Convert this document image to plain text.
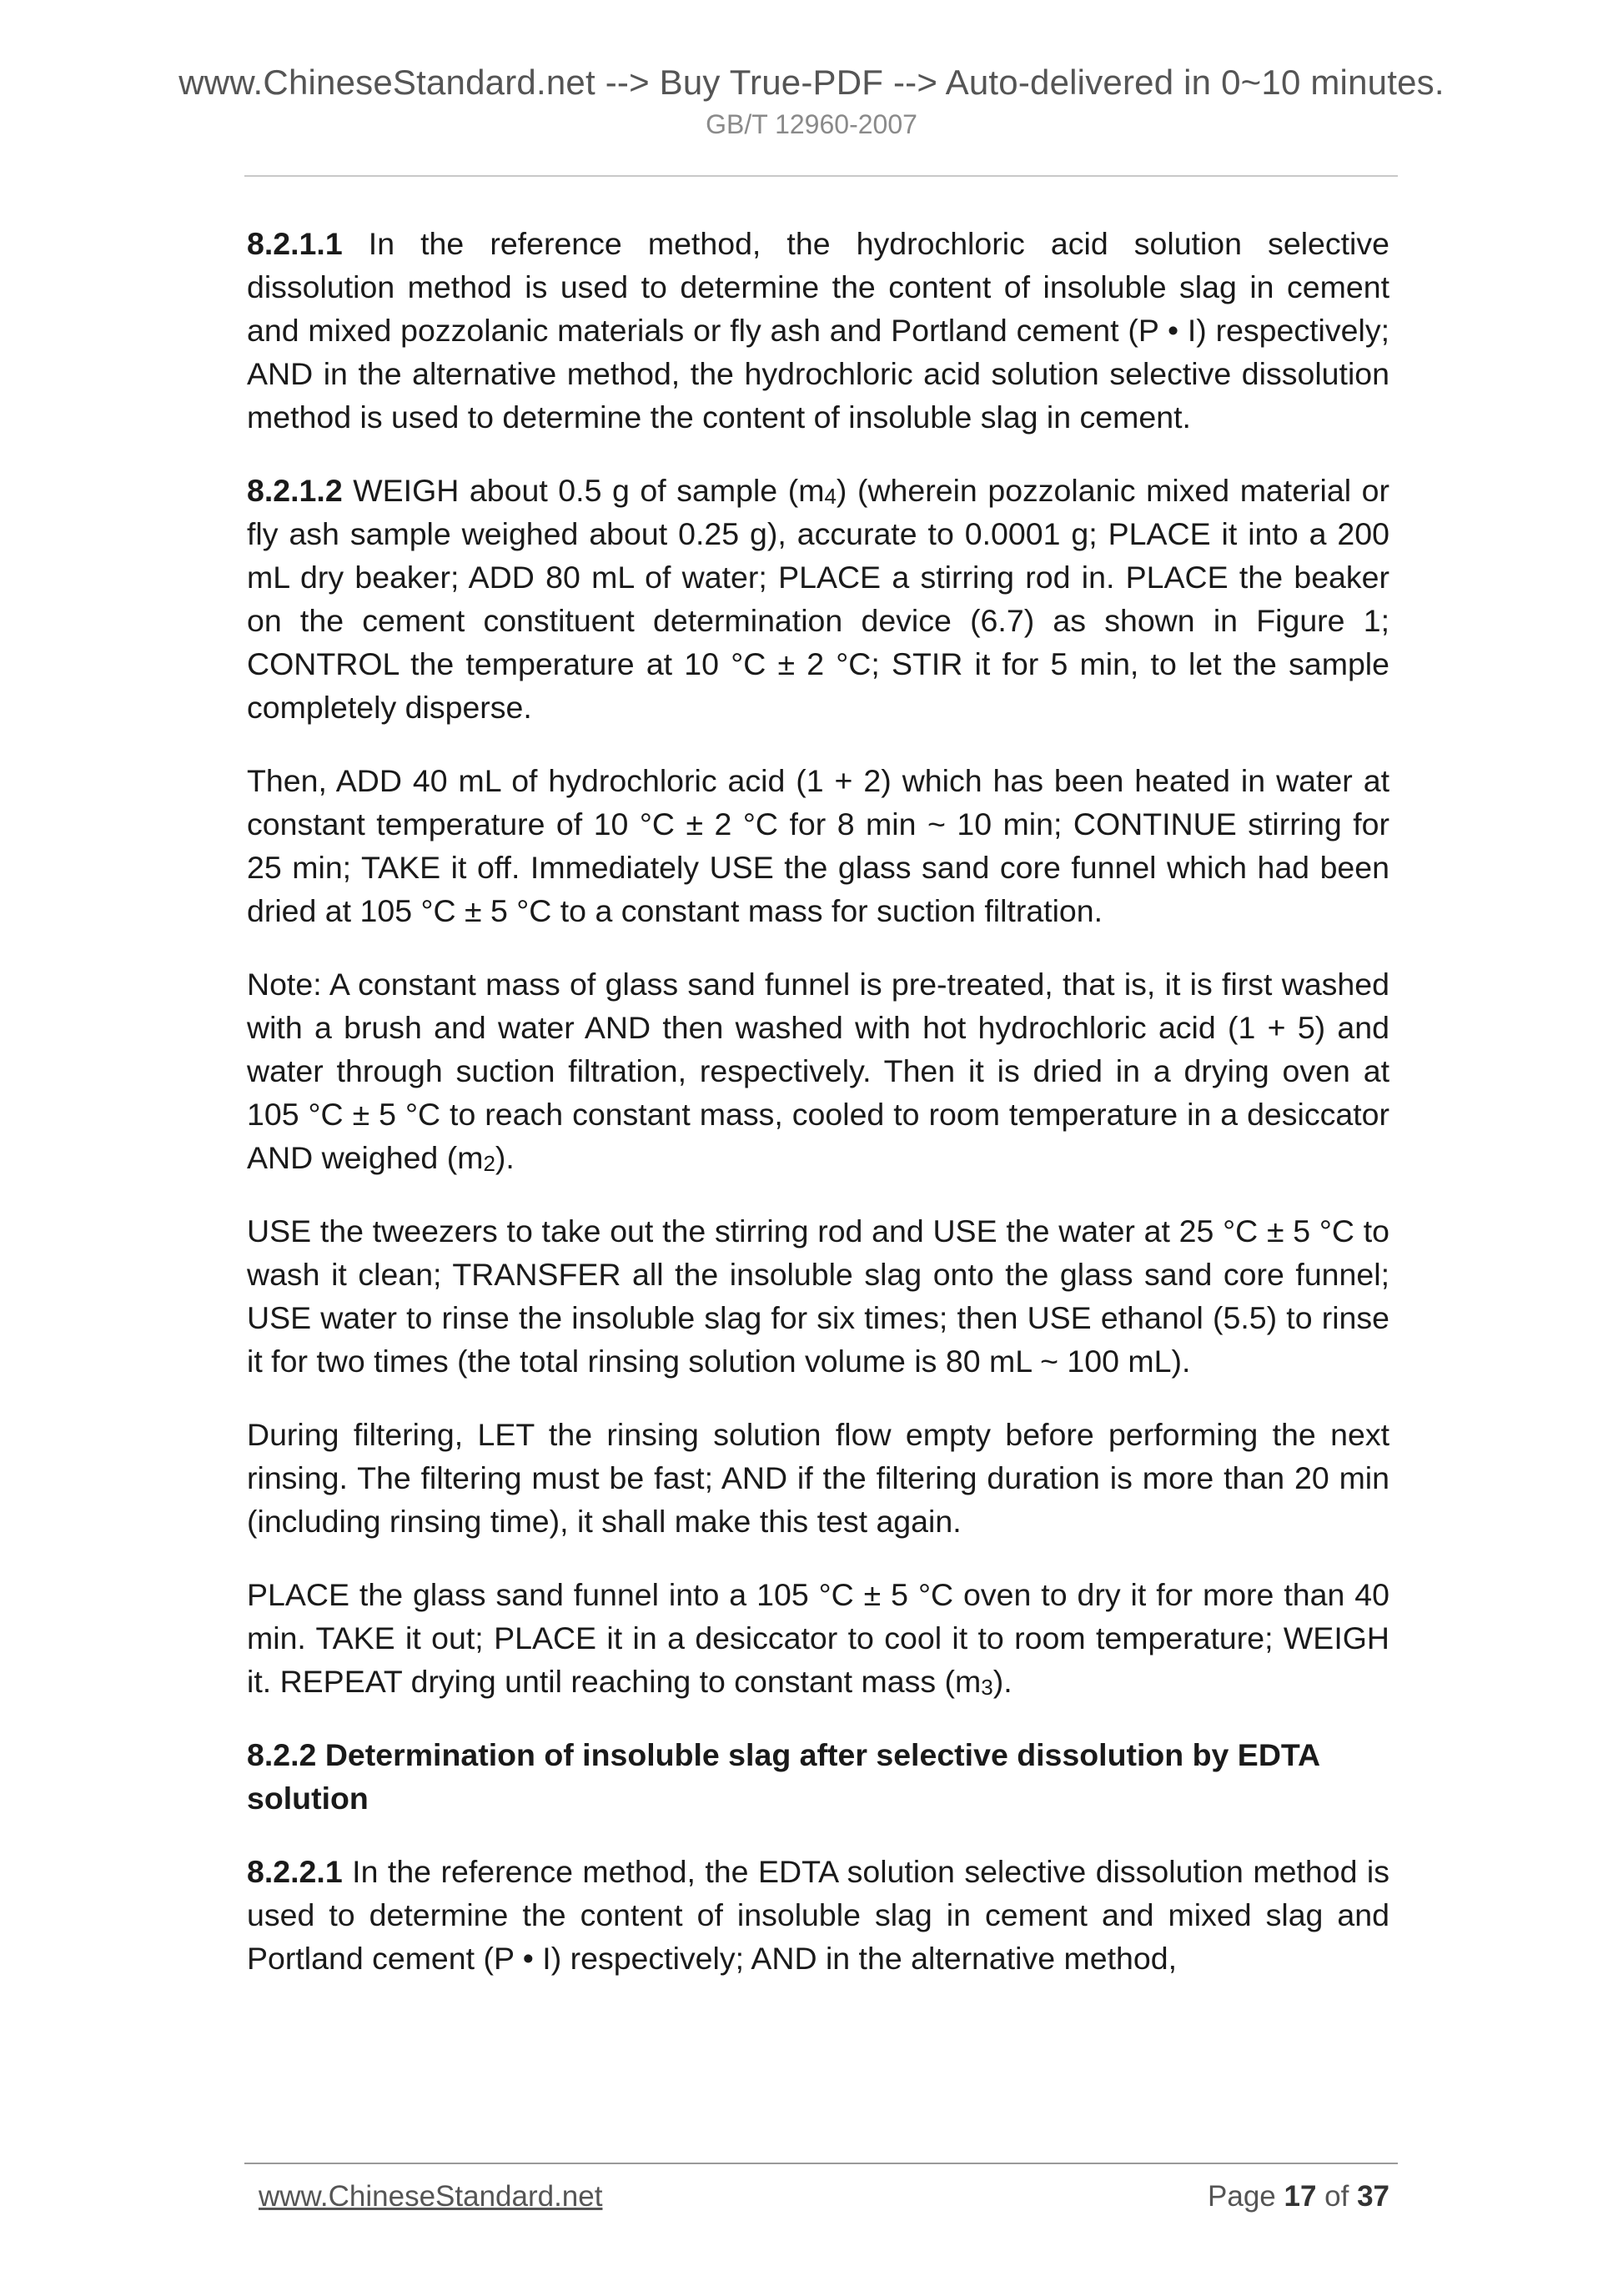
www.ChineseStandard.net --> Buy True-PDF --> Auto-delivered in 0~10 minutes.
GB/T 12960-2007

8.2.1.1 In the reference method, the hydrochloric acid solution selective dissolution method is used to determine the content of insoluble slag in cement and mixed pozzolanic materials or fly ash and Portland cement (P • I) respectively; AND in the alternative method, the hydrochloric acid solution selective dissolution method is used to determine the content of insoluble slag in cement.

8.2.1.2 WEIGH about 0.5 g of sample (m4) (wherein pozzolanic mixed material or fly ash sample weighed about 0.25 g), accurate to 0.0001 g; PLACE it into a 200 mL dry beaker; ADD 80 mL of water; PLACE a stirring rod in. PLACE the beaker on the cement constituent determination device (6.7) as shown in Figure 1; CONTROL the temperature at 10 °C ± 2 °C; STIR it for 5 min, to let the sample completely disperse.

Then, ADD 40 mL of hydrochloric acid (1 + 2) which has been heated in water at constant temperature of 10 °C ± 2 °C for 8 min ~ 10 min; CONTINUE stirring for 25 min; TAKE it off. Immediately USE the glass sand core funnel which had been dried at 105 °C ± 5 °C to a constant mass for suction filtration.

Note: A constant mass of glass sand funnel is pre-treated, that is, it is first washed with a brush and water AND then washed with hot hydrochloric acid (1 + 5) and water through suction filtration, respectively. Then it is dried in a drying oven at 105 °C ± 5 °C to reach constant mass, cooled to room temperature in a desiccator AND weighed (m2).

USE the tweezers to take out the stirring rod and USE the water at 25 °C ± 5 °C to wash it clean; TRANSFER all the insoluble slag onto the glass sand core funnel; USE water to rinse the insoluble slag for six times; then USE ethanol (5.5) to rinse it for two times (the total rinsing solution volume is 80 mL ~ 100 mL).

During filtering, LET the rinsing solution flow empty before performing the next rinsing. The filtering must be fast; AND if the filtering duration is more than 20 min (including rinsing time), it shall make this test again.

PLACE the glass sand funnel into a 105 °C ± 5 °C oven to dry it for more than 40 min. TAKE it out; PLACE it in a desiccator to cool it to room temperature; WEIGH it. REPEAT drying until reaching to constant mass (m3).

8.2.2 Determination of insoluble slag after selective dissolution by EDTA solution

8.2.2.1 In the reference method, the EDTA solution selective dissolution method is used to determine the content of insoluble slag in cement and mixed slag and Portland cement (P • I) respectively; AND in the alternative method,

www.ChineseStandard.net	Page 17 of 37
